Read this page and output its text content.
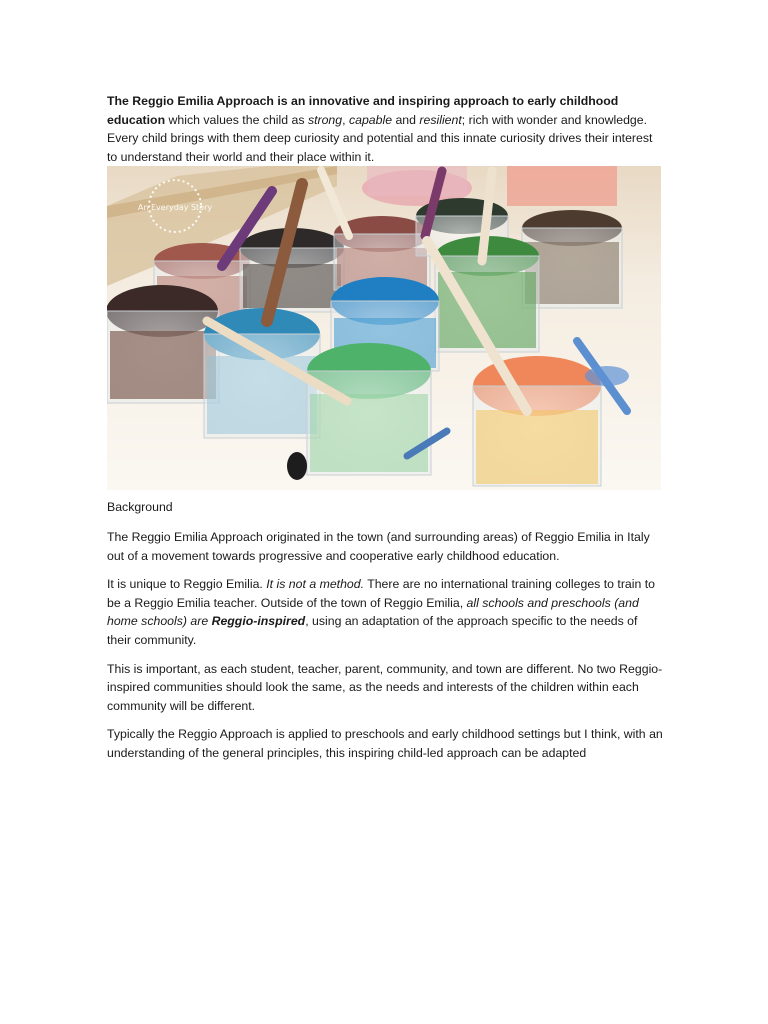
The Reggio Emilia Approach is an innovative and inspiring approach to early childhood education which values the child as strong, capable and resilient; rich with wonder and knowledge. Every child brings with them deep curiosity and potential and this innate curiosity drives their interest to understand their world and their place within it.

An Everyday Story

Background

The Reggio Emilia Approach originated in the town (and surrounding areas) of Reggio Emilia in Italy out of a movement towards progressive and cooperative early childhood education.

It is unique to Reggio Emilia. It is not a method. There are no international training colleges to train to be a Reggio Emilia teacher. Outside of the town of Reggio Emilia, all schools and preschools (and home schools) are Reggio-inspired, using an adaptation of the approach specific to the needs of their community.

This is important, as each student, teacher, parent, community, and town are different. No two Reggio-inspired communities should look the same, as the needs and interests of the children within each community will be different.

Typically the Reggio Approach is applied to preschools and early childhood settings but I think, with an understanding of the general principles, this inspiring child-led approach can be adapted
